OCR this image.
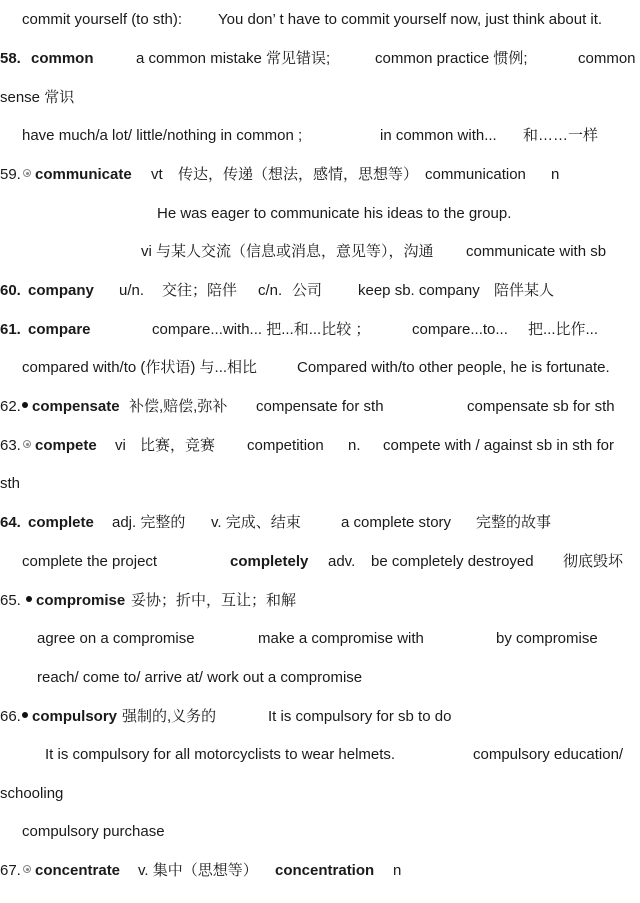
commit yourself (to sth): You don’ t have to commit yourself now, just think about it.
58. common	a common mistake 常见错误;	common practice 惯例;	common
sense 常识
have much/a lot/ little/nothing in common ;	in common with... 和……一样
59. communicate vt 传达，传递（想法，感情，思想等） communication n
He was eager to communicate his ideas to the group.
vi 与某人交流（信息或消息，意见等），沟通 communicate with sb
60. company u/n. 交往；陪伴 c/n. 公司 keep sb. company 陪伴某人
61. compare	compare...with... 把...和...比较 ；	compare...to... 把...比作...
compared with/to (作状语) 与...相比	Compared with/to other people, he is fortunate.
62. compensate 补偿,赔偿,弥补 compensate for sth	compensate sb for sth
63. compete vi 比赛，竞赛 competition n. compete with / against sb in sth for
sth
64. complete adj. 完整的 v. 完成、结束	a complete story 完整的故事
complete the project	completely adv. be completely destroyed 彻底毁坏
65. compromise 妥协；折中，互让；和解
agree on a compromise	make a compromise with	by compromise
reach/ come to/ arrive at/ work out a compromise
66. compulsory 强制的,义务的	It is compulsory for sb to do
It is compulsory for all motorcyclists to wear helmets.	compulsory education/
schooling
compulsory purchase
67. concentrate v. 集中（思想等） concentration n
